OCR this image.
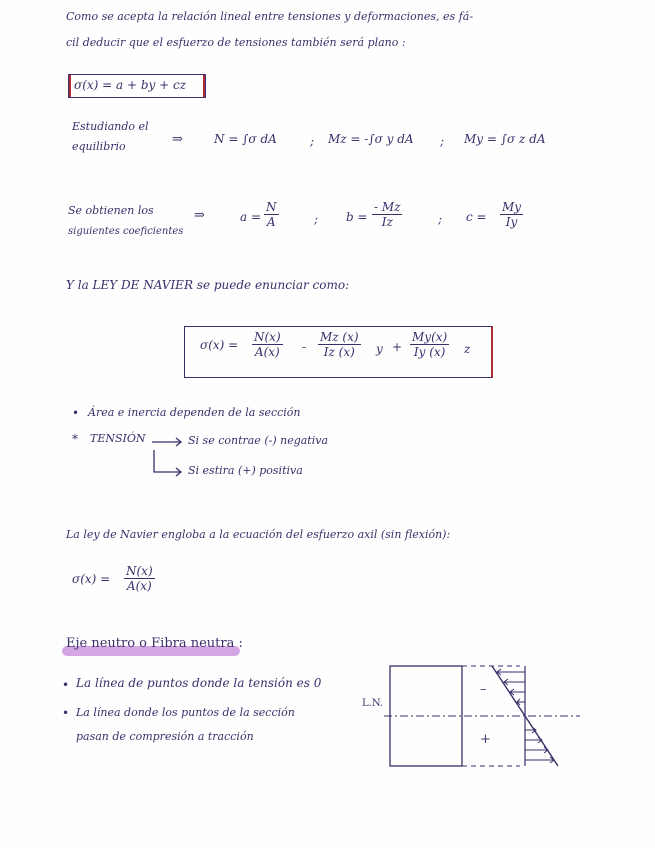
Como se acepta la relación lineal entre tensiones y deformaciones, es fá-
cil deducir que el esfuerzo de tensiones también será plano :
σ(x) = a + by + cz
Estudiando el
equilibrio	⇒	N = ∫σ dA	; Mz = -∫σ y dA ; My = ∫σ z dA
Se obtienen los
siguientes coeficientes
⇒	$a = \frac{N}{A}$	; $b = \frac{- Mz}{Iz}$	; $c = \frac{My}{Iy}$
Y la LEY DE NAVIER se puede enunciar como:
$\sigma(x) = \frac{N(x)}{A(x)} - \frac{Mz (x)}{Iz (x)}$ $y + \frac{My(x)}{Iy (x)}$ z
• Área e inercia dependen de la sección
* TENSIÓN	Si se contrae (-) negativa
Si estira (+) positiva
La ley de Navier engloba a la ecuación del esfuerzo axil (sin flexión):
$\sigma(x) = \frac{N(x)}{A(x)}$
Eje neutro o Fibra neutra :
• La línea de puntos donde la tensión es 0
• La línea donde los puntos de la sección
pasan de compresión a tracción
L.N.
–
+
